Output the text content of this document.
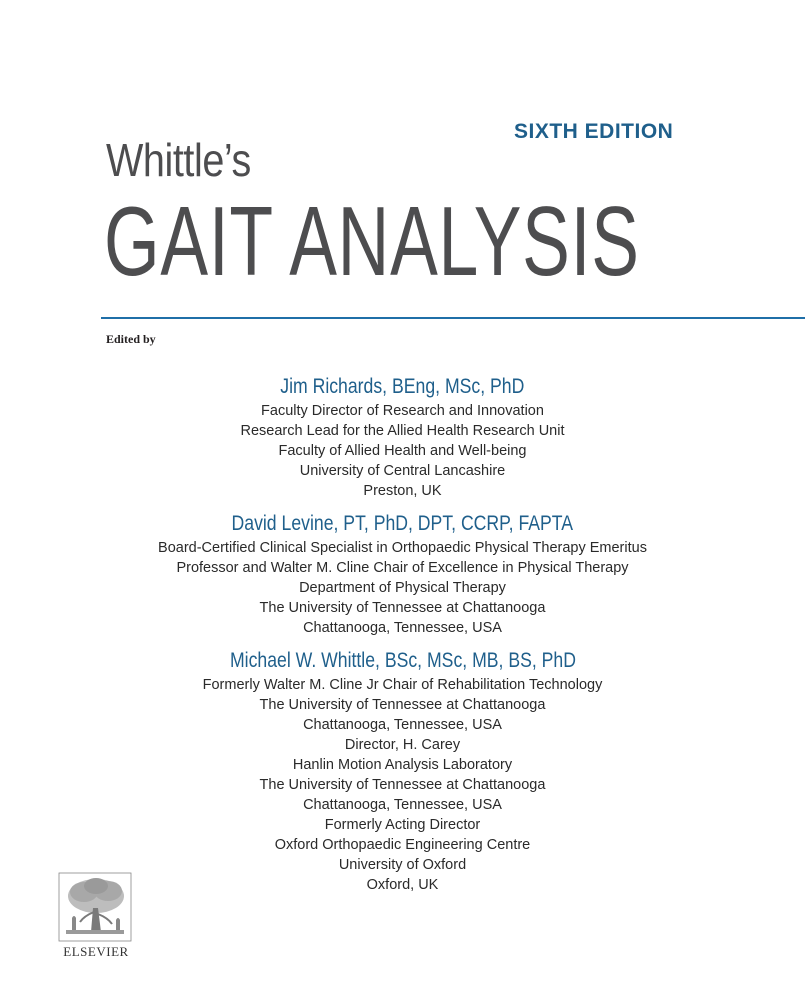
SIXTH EDITION
Whittle’s
GAIT ANALYSIS
Edited by
Jim Richards, BEng, MSc, PhD
Faculty Director of Research and Innovation
Research Lead for the Allied Health Research Unit
Faculty of Allied Health and Well-being
University of Central Lancashire
Preston, UK
David Levine, PT, PhD, DPT, CCRP, FAPTA
Board-Certified Clinical Specialist in Orthopaedic Physical Therapy Emeritus
Professor and Walter M. Cline Chair of Excellence in Physical Therapy
Department of Physical Therapy
The University of Tennessee at Chattanooga
Chattanooga, Tennessee, USA
Michael W. Whittle, BSc, MSc, MB, BS, PhD
Formerly Walter M. Cline Jr Chair of Rehabilitation Technology
The University of Tennessee at Chattanooga
Chattanooga, Tennessee, USA
Director, H. Carey
Hanlin Motion Analysis Laboratory
The University of Tennessee at Chattanooga
Chattanooga, Tennessee, USA
Formerly Acting Director
Oxford Orthopaedic Engineering Centre
University of Oxford
Oxford, UK
ELSEVIER
